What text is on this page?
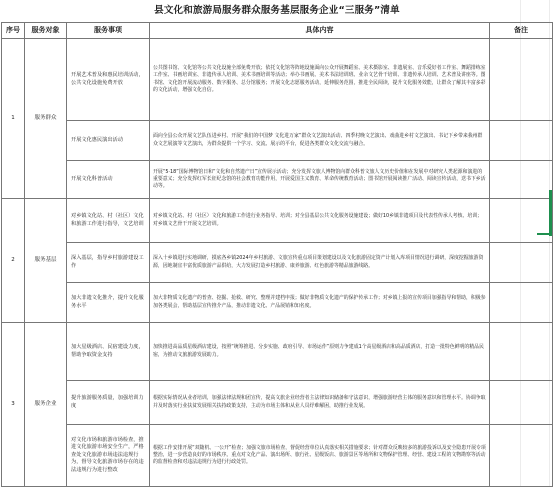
县文化和旅游局服务群众服务基层服务企业“三服务”清单
序号	服务对象	服务事项	具体内容	备注
1	服务群众	开展艺术普及和惠民培训活动，公共文化设施免费开放	公共图书馆、文化馆等公共文化设施全部免费开放；依托文化馆等阵地设施面向公众开展舞蹈室、美术摄影室、非遗展室、音乐爱好者工作室、舞蹈排练室工作室、书画培训室、非遗传承人培训、美术书画培训等活动；举办书画展、美术书法培训班、业余文艺骨干培训、非遗传承人培训、艺术普及讲座等。图书馆、文化馆开展流动服务、数字服务、总分馆服务；开展文化志愿服务活动，延伸服务范围，推进全民阅读，提升文化服务效能，让群众了解其丰富多彩的文化活动，增强文化自信。	
		开展文化惠民演出活动	面向全县公众开展文艺队伍进乡村、开展“我们的中国梦 文化进万家”群众文艺演出活动、四季村晚文艺演出、戏曲进乡村文艺演出、书记下乡带来我州群众文艺展演等文艺演出，为群众提供一个学习、交流、展示的平台，促进各类群众文化交流与融合。	
		开展文化科普活动	开展“5·18”国际博物馆日和“文化和自然遗产日”宣传展示活动；充分发挥文旅人博物馆向群众科普文旅人文历史价值和在发展中对研究人类起源和演进的重要意义；充分发挥红军长征纪念馆的社会教育功能作用，开展爱国主义教育、革命传统教育活动；图书馆开展阅读推广活动、阅读宣传活动，送书下乡活动等。	
2	服务基层	对乡镇文化站、村（社区）文化和旅游工作进行指导，文艺培训	对乡镇文化站、村（社区）文化和旅游工作进行业务指导、培训；对全县基层公共文化服务设施建设；做好10乡镇非遗项目及代表性传承人考核、培训；对乡镇文艺骨干开展文艺培训。	
		深入基层，指导乡村旅游建设工作	深入十乡镇进行实地调研，摸底各乡镇2024年乡村旅游、文旅宣传重点项目策划建设以及文化旅游固定资产计划入库项目情况进行调研，深度挖掘旅游资源，因地制宜丰富优质旅游产品供给，大力发展打造乡村旅游、康养旅游、红色旅游等精品旅游线路。	
		加大非遗文化推介，提升文化服务水平	加大非物质文化遗产的普查、挖掘、抢救、研究、整理并建档申报；做好非物质文化遗产的保护传承工作；对乡镇上报的宣传项目加强指导和帮助，积极参加各类展会，帮助基层宣传推介产品，推动非遗文化、产品展销和知名度。	
3	服务企业	加大星级酒店、民宿建设力度，帮助争取资金支持	加快推进高品质星级酒店建设，按照“统筹推进、分步实施、政府引导、市场运作”原则力争建成1个高星级酒店和高品质酒店，打造一批特色鲜明的精品民宿，为推动文旅旅游发展助力。	
		提升旅游服务质量，加强培训力度	根据实际情况从业者培训，加强法律法规和团宣传，提高文旅企业经营者主法律知识储备和守法意识，增强旅游经营主体的服务意识和管理水平。协调争取并及时落实行业扶贫发展相关扶持政策支持，主动为市场主体和从业人员纾难解困，助推行业发展。	
		对文化市场和旅游市场检查，推进文化旅游市场安全生产，严格查处文化旅游市场违法违规行为，督导文化旅游市场存在的违法违规行为进行整改	根据工作安排开展“双随机、一公开”检查；加强文旅市场检查，督促经营单位认真落实相关措施要求；针对群众反映较多的旅游投诉以及安全隐患开展专项整治，进一步营造良好的市场秩序。重点对文化产品、演出场所、旅行社、星级饭店、旅游景区等场所和文物保护管理、经营、建设工程的文物勘察等活动的监督检查和对违法违规行为进行行政处罚。	
